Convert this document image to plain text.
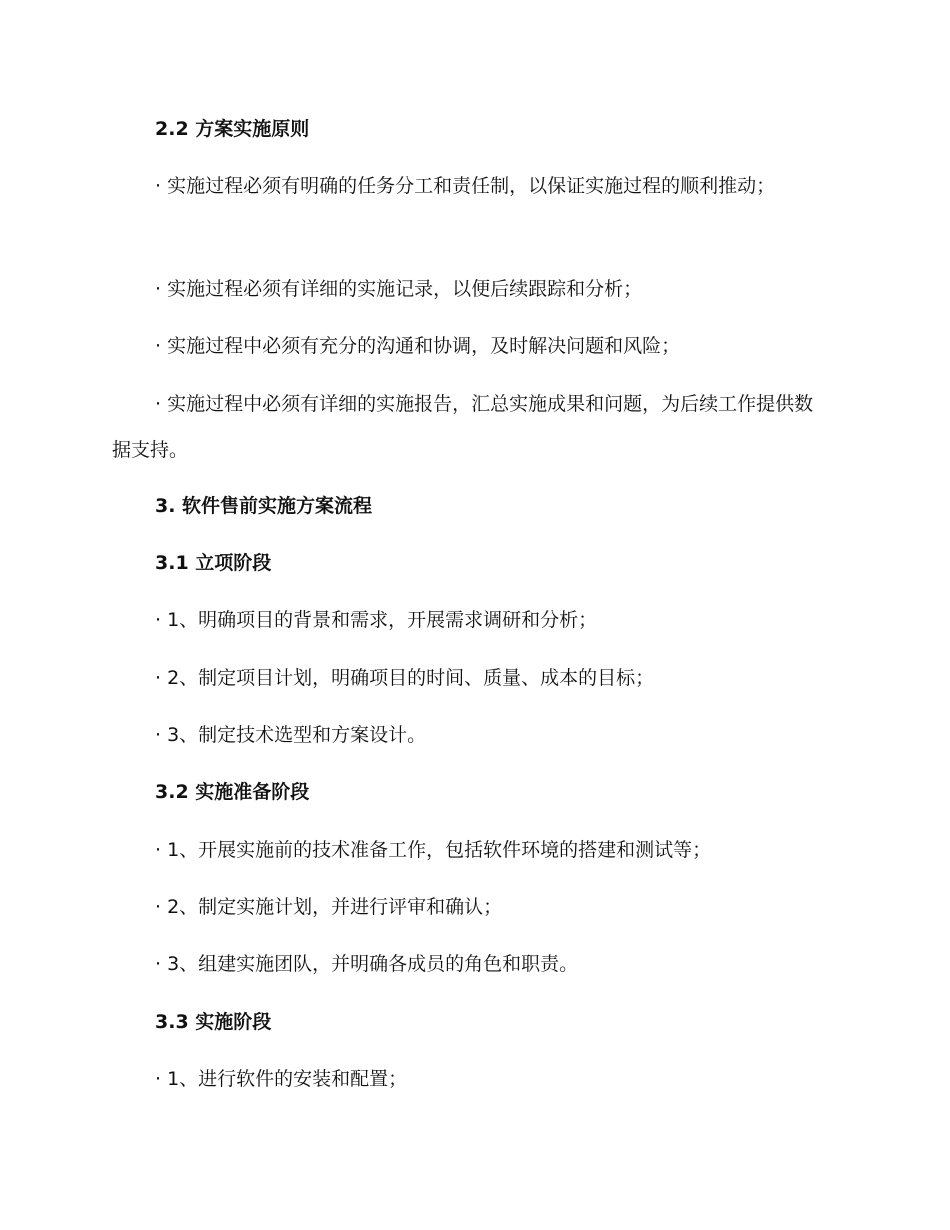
2.2 方案实施原则
· 实施过程必须有明确的任务分工和责任制，以保证实施过程的顺利推动；
· 实施过程必须有详细的实施记录，以便后续跟踪和分析；
· 实施过程中必须有充分的沟通和协调，及时解决问题和风险；
· 实施过程中必须有详细的实施报告，汇总实施成果和问题，为后续工作提供数据支持。
3. 软件售前实施方案流程
3.1 立项阶段
· 1、明确项目的背景和需求，开展需求调研和分析；
· 2、制定项目计划，明确项目的时间、质量、成本的目标；
· 3、制定技术选型和方案设计。
3.2 实施准备阶段
· 1、开展实施前的技术准备工作，包括软件环境的搭建和测试等；
· 2、制定实施计划，并进行评审和确认；
· 3、组建实施团队，并明确各成员的角色和职责。
3.3 实施阶段
· 1、进行软件的安装和配置；
